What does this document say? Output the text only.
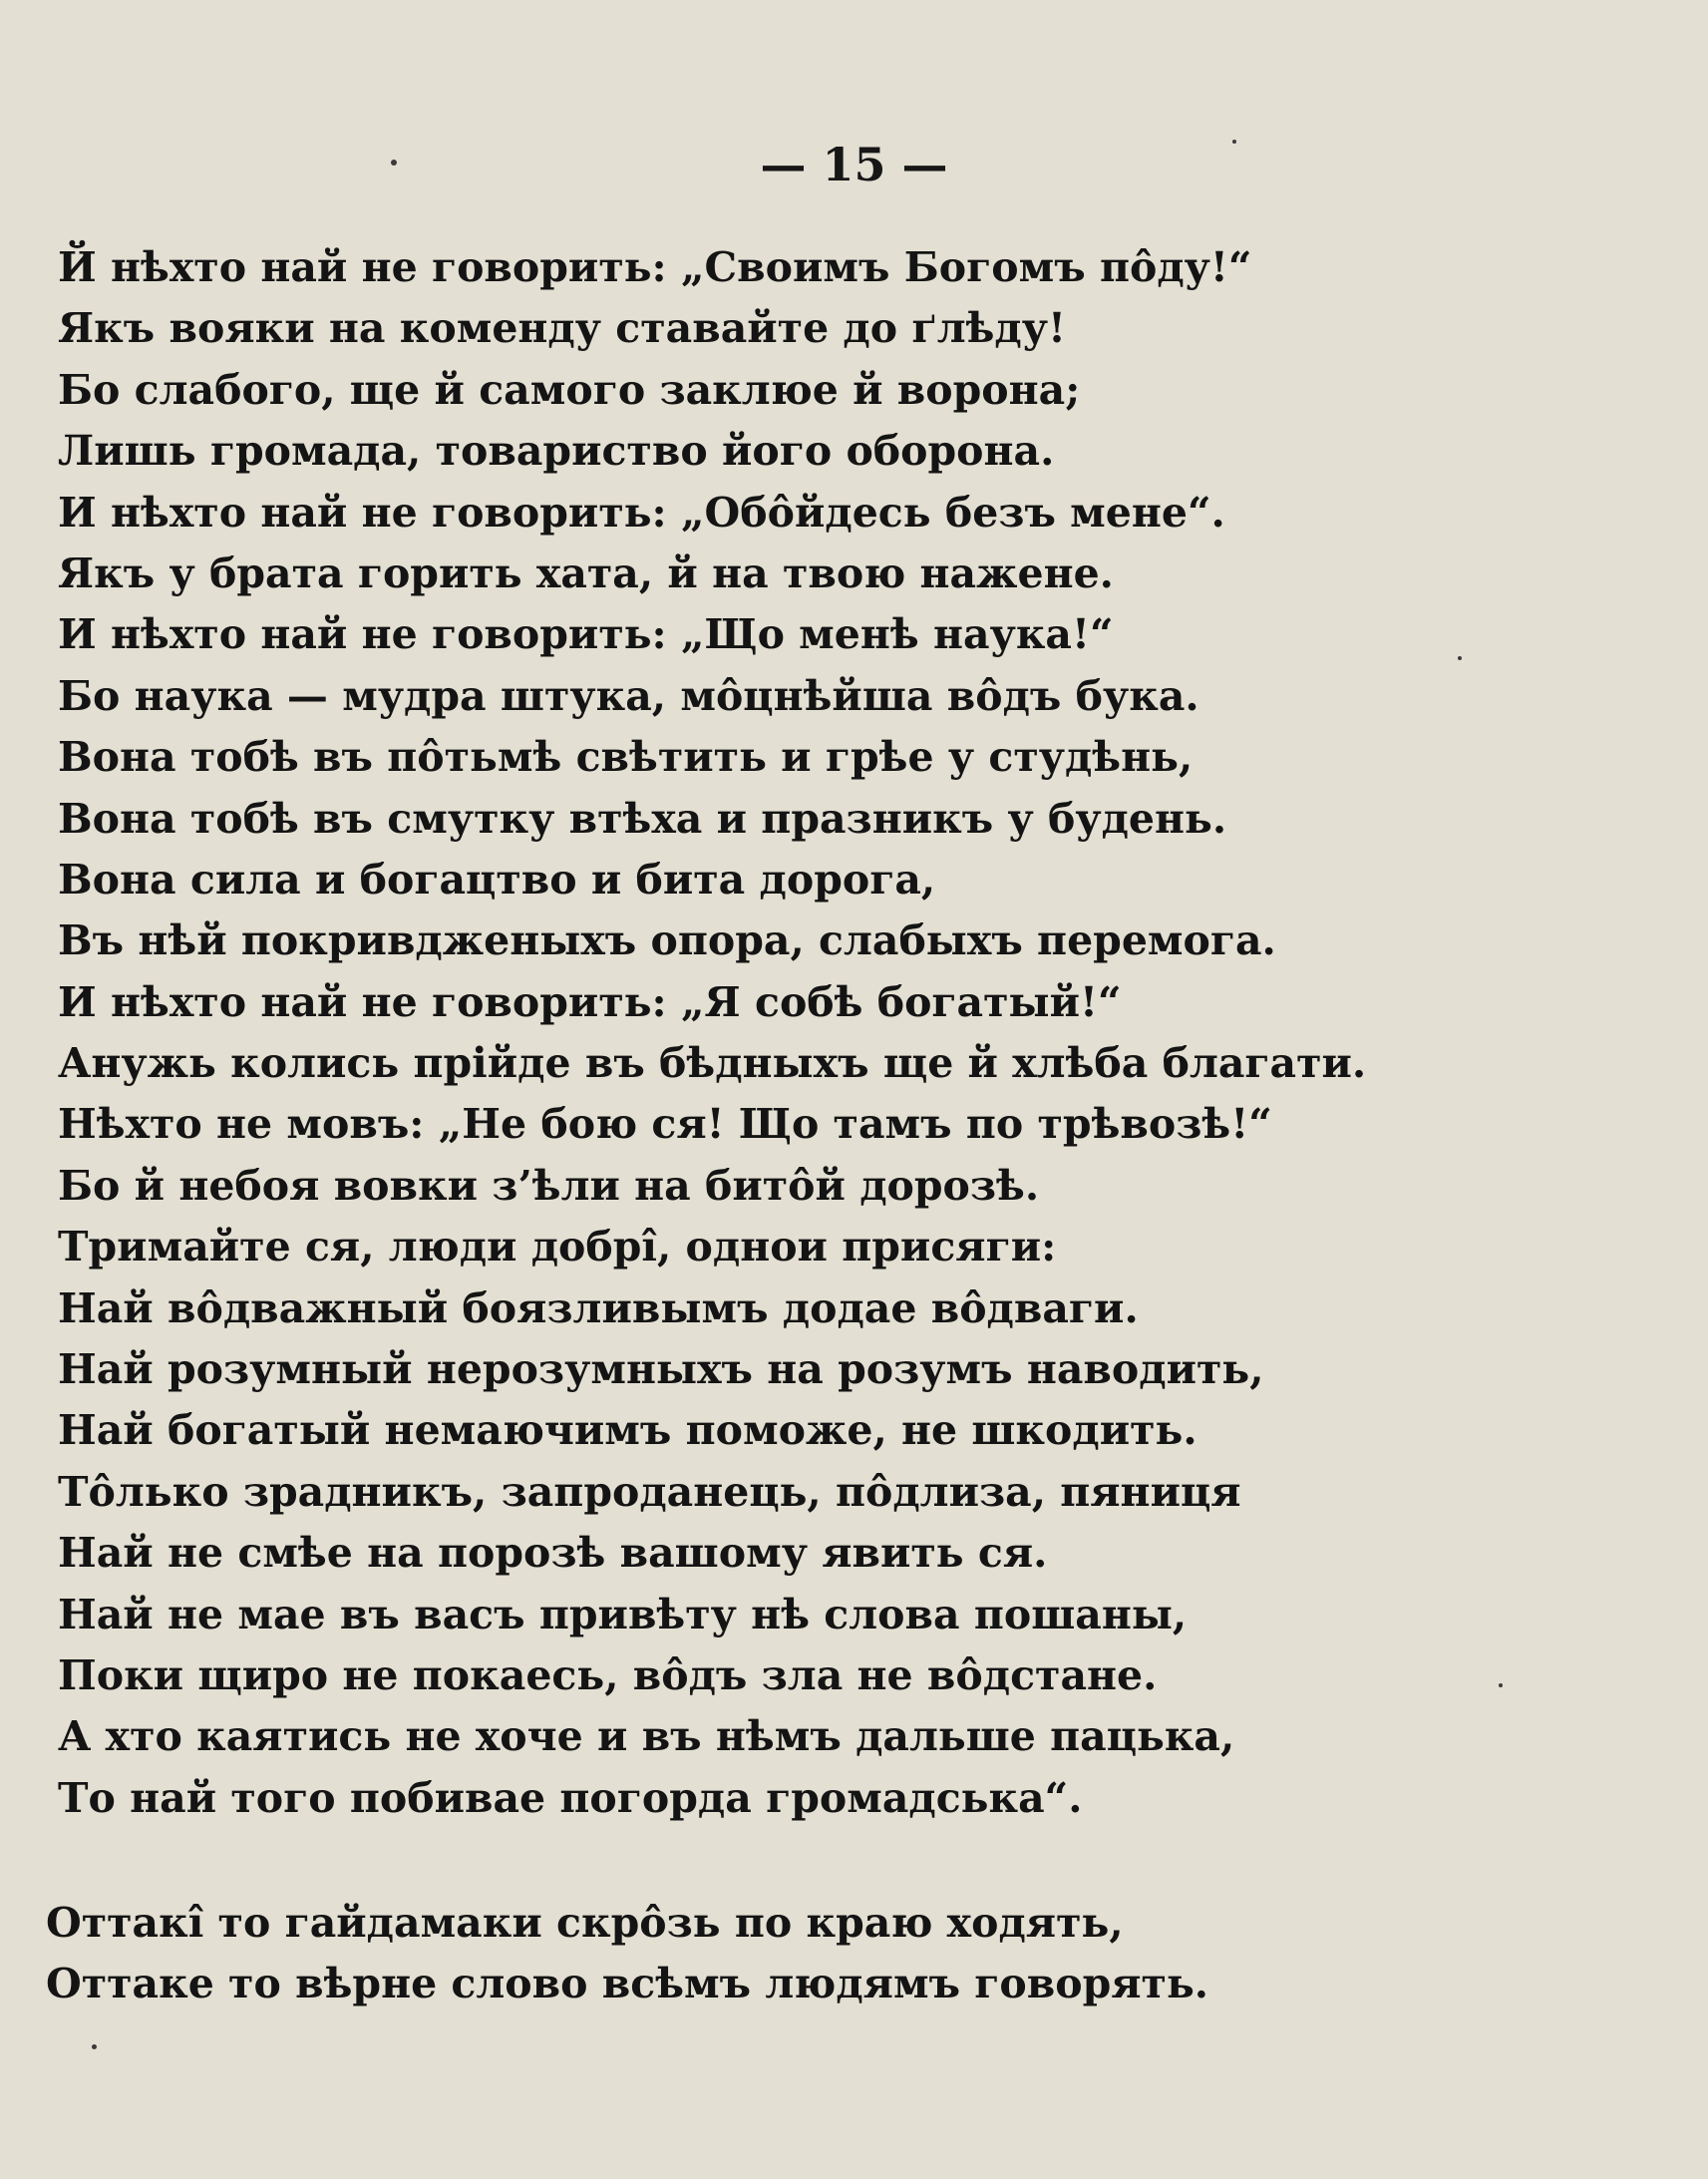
— 15 —
Й нѣхто най не говорить: „Своимъ Богомъ пôду!“
Якъ вояки на коменду ставайте до ґлѣду!
Бо слабого, ще й самого заклюе й ворона;
Лишь громада, товариство його оборона.
И нѣхто най не говорить: „Обôйдесь безъ мене“.
Якъ у брата горить хата, й на твою нажене.
И нѣхто най не говорить: „Що менѣ наука!“
Бо наука — мудра штука, мôцнѣйша вôдъ бука.
Вона тобѣ въ пôтьмѣ свѣтить и грѣе у студѣнь,
Вона тобѣ въ смутку втѣха и празникъ у будень.
Вона сила и богацтво и бита дорога,
Въ нѣй покривдженыхъ опора, слабыхъ перемога.
И нѣхто най не говорить: „Я собѣ богатый!“
Анужь колись прiйде въ бѣдныхъ ще й хлѣба благати.
Нѣхто не мовъ: „Не бою ся! Що тамъ по трѣвозѣ!“
Бо й небоя вовки з’ѣли на битôй дорозѣ.
Тримайте ся, люди добрî, однои присяги:
Най вôдважный боязливымъ додае вôдваги.
Най розумный нерозумныхъ на розумъ наводить,
Най богатый немаючимъ поможе, не шкодить.
Тôлько зрадникъ, запроданець, пôдлиза, пяниця
Най не смѣе на порозѣ вашому явить ся.
Най не мае въ васъ привѣту нѣ слова пошаны,
Поки щиро не покаесь, вôдъ зла не вôдстане.
А хто каятись не хоче и въ нѣмъ дальше пацька,
То най того побивае погорда громадська“.
Оттакî то гайдамаки скрôзь по краю ходять,
Оттаке то вѣрне слово всѣмъ людямъ говорять.
